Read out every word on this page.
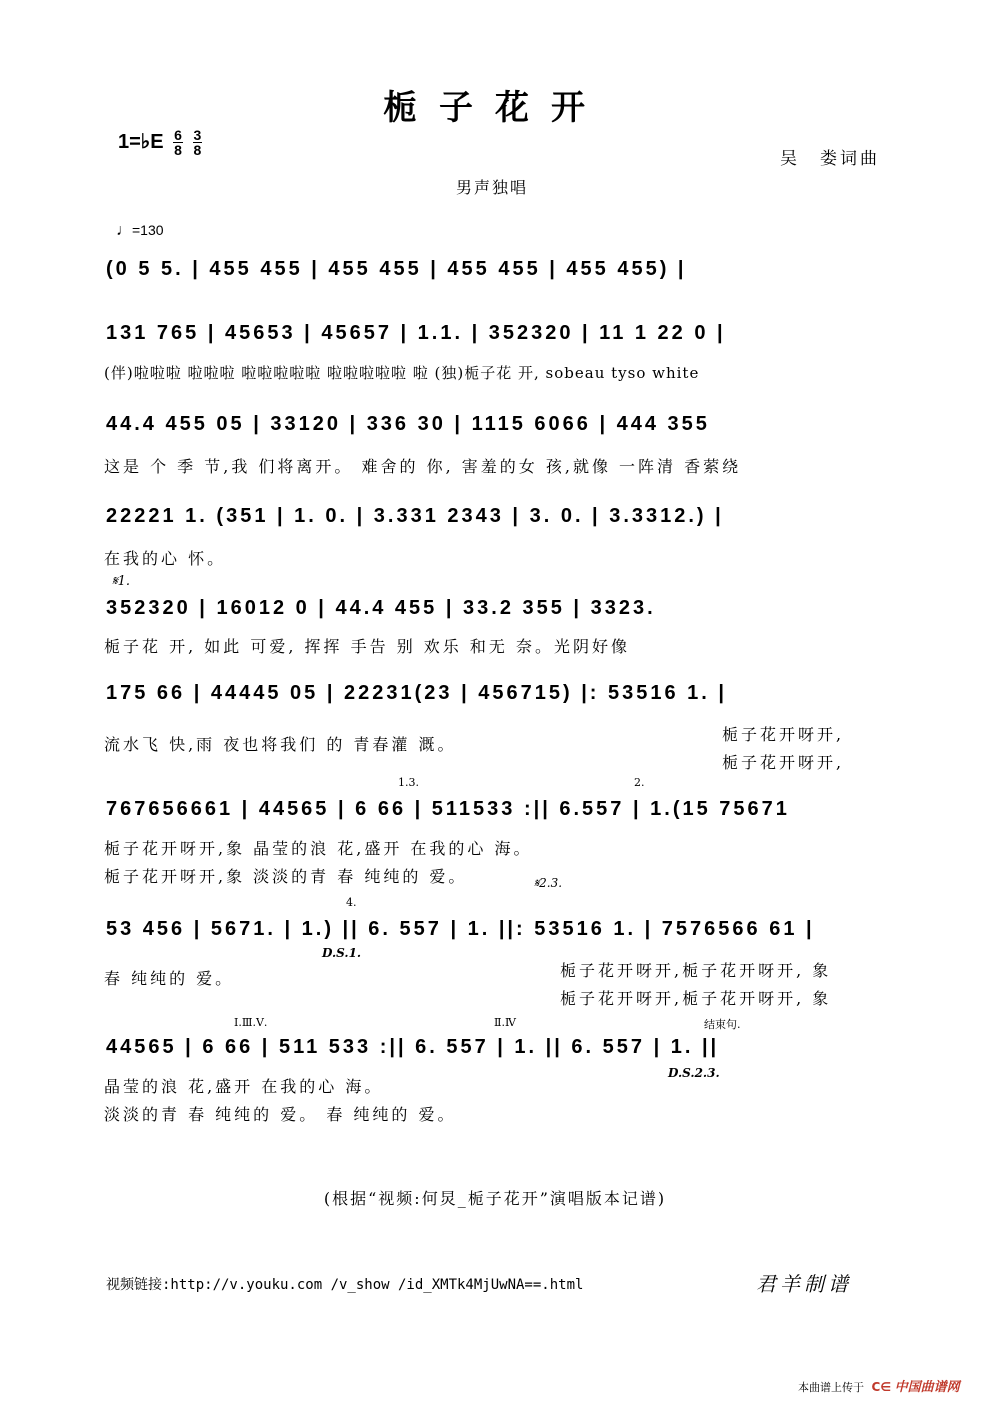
栀子花开
1=♭E $\frac{6}{8}$
$\frac{3}{8}$
吴　娄词曲
男声独唱
♩=130
(0 5 5. | 455 455 | 455 455 | 455 455 | 455 455) |
131 765 | 45653 | 45657 | 1.1. | 352320 | 11 1 22 0 |
(伴)啦啦啦 啦啦啦 啦啦啦啦啦 啦啦啦啦啦 啦 (独)栀子花 开, sobeau tyso white
44.4 455 05 | 33120 | 336 30 | 1115 6066 | 444 355
这是 个 季 节,我 们将离开。 难舍的 你, 害羞的女 孩,就像 一阵清 香萦绕
22221 1. (351 | 1. 0. | 3.331 2343 | 3. 0. | 3.3312.) |
在我的心 怀。
𝄋1.
352320 | 16012 0 | 44.4 455 | 33.2 355 | 3323.
栀子花 开, 如此 可爱, 挥挥 手告 别 欢乐 和无 奈。光阴好像
175 66 | 44445 05 | 22231(23 | 456715) |: 53516 1. |
流水飞 快,雨 夜也将我们 的 青春灌 溉。
栀子花开呀开,
栀子花开呀开,
1.3.	2.
767656661 | 44565 | 6 66 | 511533 :|| 6.557 | 1.(15 75671
栀子花开呀开,象 晶莹的浪 花,盛开 在我的心 海。
栀子花开呀开,象 淡淡的青 春 纯纯的 爱。	𝄋2.3.
4.
53 456 | 5671. | 1.) || 6. 557 | 1. ||: 53516 1. | 7576566 61 |
D.S.1.
春 纯纯的 爱。	栀子花开呀开,栀子花开呀开, 象
栀子花开呀开,栀子花开呀开, 象
Ⅰ.Ⅲ.Ⅴ.	Ⅱ.Ⅳ	结束句.
44565 | 6 66 | 511 533 :|| 6. 557 | 1. || 6. 557 | 1. ||
D.S.2.3.
晶莹的浪 花,盛开 在我的心 海。
淡淡的青 春 纯纯的 爱。 春 纯纯的 爱。
(根据“视频:何炅_栀子花开”演唱版本记谱)
视频链接:http://v.youku.com /v_show /id_XMTk4MjUwNA==.html	君羊制谱
本曲谱上传于 C∈ 中国曲谱网
